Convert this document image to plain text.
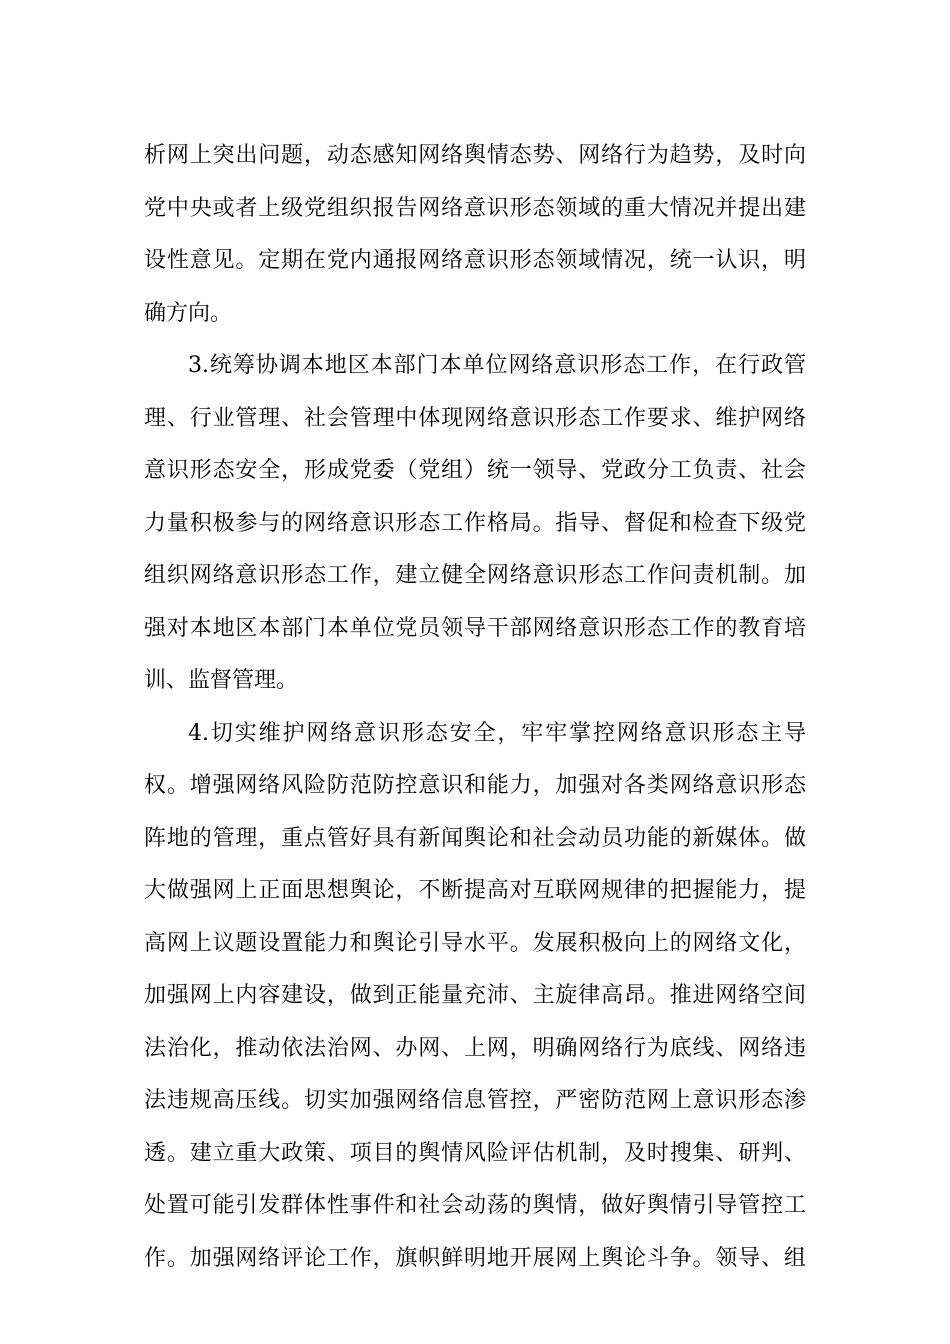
析网上突出问题，动态感知网络舆情态势、网络行为趋势，及时向
党中央或者上级党组织报告网络意识形态领域的重大情况并提出建
设性意见。定期在党内通报网络意识形态领域情况，统一认识，明
确方向。
3.统筹协调本地区本部门本单位网络意识形态工作，在行政管
理、行业管理、社会管理中体现网络意识形态工作要求、维护网络
意识形态安全，形成党委（党组）统一领导、党政分工负责、社会
力量积极参与的网络意识形态工作格局。指导、督促和检查下级党
组织网络意识形态工作，建立健全网络意识形态工作问责机制。加
强对本地区本部门本单位党员领导干部网络意识形态工作的教育培
训、监督管理。
4.切实维护网络意识形态安全，牢牢掌控网络意识形态主导
权。增强网络风险防范防控意识和能力，加强对各类网络意识形态
阵地的管理，重点管好具有新闻舆论和社会动员功能的新媒体。做
大做强网上正面思想舆论，不断提高对互联网规律的把握能力，提
高网上议题设置能力和舆论引导水平。发展积极向上的网络文化，
加强网上内容建设，做到正能量充沛、主旋律高昂。推进网络空间
法治化，推动依法治网、办网、上网，明确网络行为底线、网络违
法违规高压线。切实加强网络信息管控，严密防范网上意识形态渗
透。建立重大政策、项目的舆情风险评估机制，及时搜集、研判、
处置可能引发群体性事件和社会动荡的舆情，做好舆情引导管控工
作。加强网络评论工作，旗帜鲜明地开展网上舆论斗争。领导、组
